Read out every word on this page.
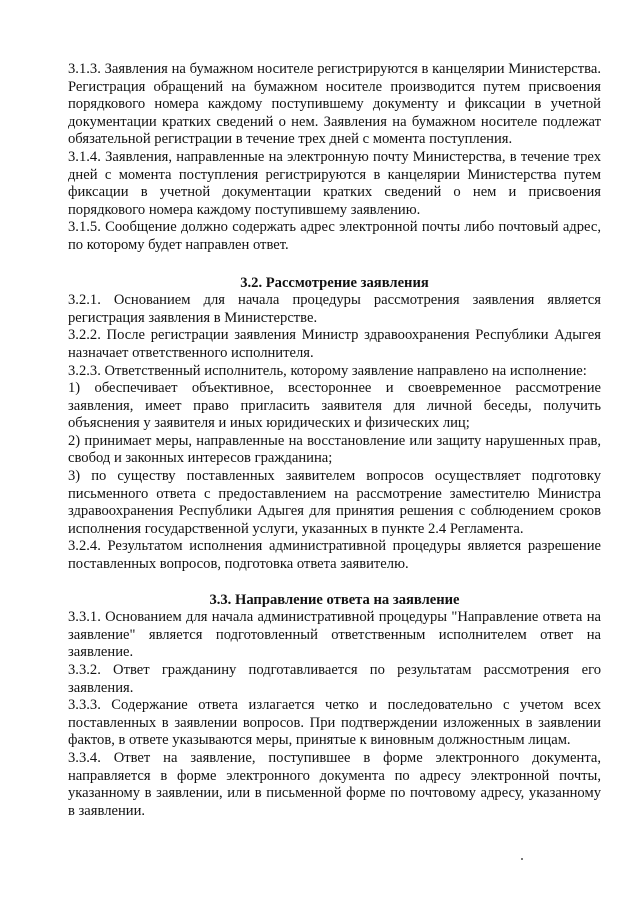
3.1.3. Заявления на бумажном носителе регистрируются в канцелярии Министерства. Регистрация обращений на бумажном носителе производится путем присвоения порядкового номера каждому поступившему документу и фиксации в учетной документации кратких сведений о нем. Заявления на бумажном носителе подлежат обязательной регистрации в течение трех дней с момента поступления.

3.1.4. Заявления, направленные на электронную почту Министерства, в течение трех дней с момента поступления регистрируются в канцелярии Министерства путем фиксации в учетной документации кратких сведений о нем и присвоения порядкового номера каждому поступившему заявлению.

3.1.5. Сообщение должно содержать адрес электронной почты либо почтовый адрес, по которому будет направлен ответ.

3.2. Рассмотрение заявления

3.2.1. Основанием для начала процедуры рассмотрения заявления является регистрация заявления в Министерстве.

3.2.2. После регистрации заявления Министр здравоохранения Республики Адыгея назначает ответственного исполнителя.

3.2.3. Ответственный исполнитель, которому заявление направлено на исполнение:

1) обеспечивает объективное, всестороннее и своевременное рассмотрение заявления, имеет право пригласить заявителя для личной беседы, получить объяснения у заявителя и иных юридических и физических лиц;

2) принимает меры, направленные на восстановление или защиту нарушенных прав, свобод и законных интересов гражданина;

3) по существу поставленных заявителем вопросов осуществляет подготовку письменного ответа с предоставлением на рассмотрение заместителю Министра здравоохранения Республики Адыгея для принятия решения с соблюдением сроков исполнения государственной услуги, указанных в пункте 2.4 Регламента.

3.2.4. Результатом исполнения административной процедуры является разрешение поставленных вопросов, подготовка ответа заявителю.

3.3. Направление ответа на заявление

3.3.1. Основанием для начала административной процедуры "Направление ответа на заявление" является подготовленный ответственным исполнителем ответ на заявление.

3.3.2. Ответ гражданину подготавливается по результатам рассмотрения его заявления.

3.3.3. Содержание ответа излагается четко и последовательно с учетом всех поставленных в заявлении вопросов. При подтверждении изложенных в заявлении фактов, в ответе указываются меры, принятые к виновным должностным лицам.

3.3.4. Ответ на заявление, поступившее в форме электронного документа, направляется в форме электронного документа по адресу электронной почты, указанному в заявлении, или в письменной форме по почтовому адресу, указанному в заявлении.
